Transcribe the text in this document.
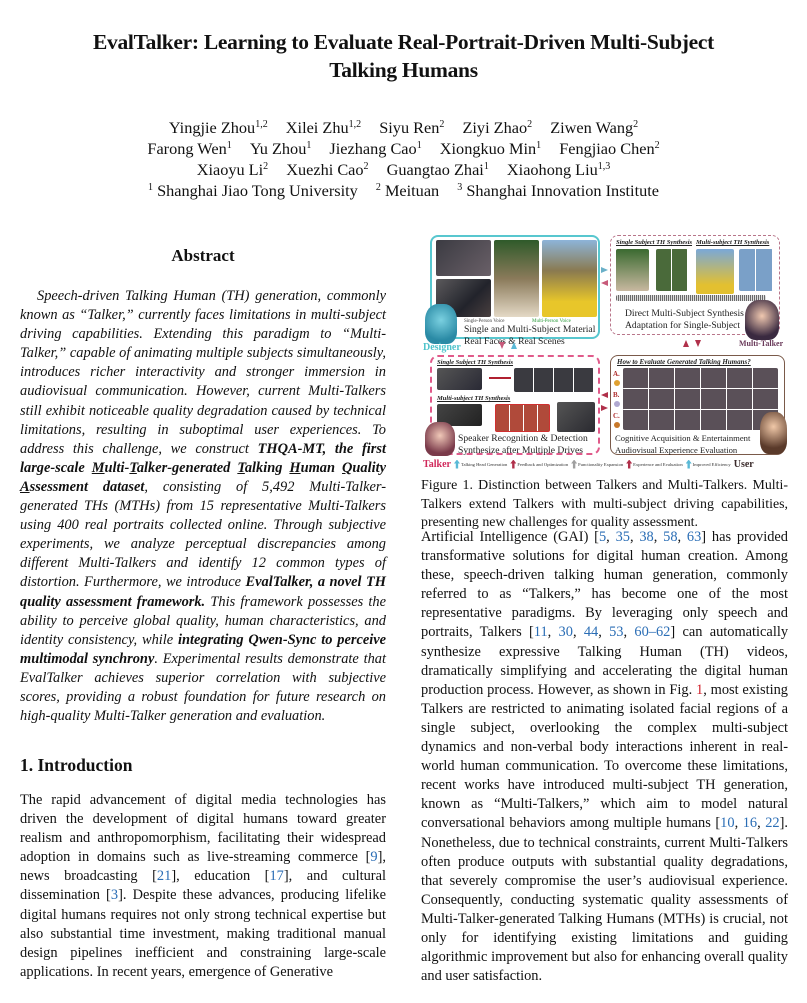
EvalTalker: Learning to Evaluate Real-Portrait-Driven Multi-Subject
Talking Humans
Yingjie Zhou$^{1,2}$ Xilei Zhu$^{1,2}$ Siyu Ren$^2$ Ziyi Zhao$^2$ Ziwen Wang$^2$
Farong Wen$^1$ Yu Zhou$^1$ Jiezhang Cao$^1$ Xiongkuo Min$^1$ Fengjiao Chen$^2$
Xiaoyu Li$^2$ Xuezhi Cao$^2$ Guangtao Zhai$^1$ Xiaohong Liu$^{1,3}$
$^1$ Shanghai Jiao Tong University $^2$ Meituan $^3$ Shanghai Innovation Institute
Abstract
Speech-driven Talking Human (TH) generation, commonly known as “Talker,” currently faces limitations in multi-subject driving capabilities. Extending this paradigm to “Multi-Talker,” capable of animating multiple subjects simultaneously, introduces richer interactivity and stronger immersion in audiovisual communication. However, current Multi-Talkers still exhibit noticeable quality degradation caused by technical limitations, resulting in suboptimal user experiences. To address this challenge, we construct THQA-MT, the first large-scale Multi-Talker-generated Talking Human Quality Assessment dataset, consisting of 5,492 Multi-Talker-generated THs (MTHs) from 15 representative Multi-Talkers using 400 real portraits collected online. Through subjective experiments, we analyze perceptual discrepancies among different Multi-Talkers and identify 12 common types of distortion. Furthermore, we introduce EvalTalker, a novel TH quality assessment framework. This framework possesses the ability to perceive global quality, human characteristics, and identity consistency, while integrating Qwen-Sync to perceive multimodal synchrony. Experimental results demonstrate that EvalTalker achieves superior correlation with subjective scores, providing a robust foundation for future research on high-quality Multi-Talker generation and evaluation.
1. Introduction
The rapid advancement of digital media technologies has driven the development of digital humans toward greater realism and anthropomorphism, facilitating their widespread adoption in domains such as live-streaming commerce [9], news broadcasting [21], education [17], and cultural dissemination [3]. Despite these advances, producing lifelike digital humans requires not only strong technical expertise but also substantial time investment, making traditional manual design pipelines inefficient and constraining large-scale applications. In recent years, emergence of Generative
Single-Person Voice	Multi-Person Voice
Single and Multi-Subject Material
Real Faces & Real Scenes
Designer
Single Subject TH Synthesis Multi-subject TH Synthesis
Direct Multi-Subject Synthesis
Adaptation for Single-Subject
Multi-Talker
Single Subject TH Synthesis
Multi-subject TH Synthesis
Speaker Recognition & Detection
Synthesize after Multiple Drives
How to Evaluate Generated Talking Humans?
A.
B.
C.
Cognitive Acquisition & Entertainment
Audiovisual Experience Evaluation
Talker Talking Head Generation Feedback and Optimization Functionality Expansion Experience and Evaluation Improved Efficiency User
Figure 1. Distinction between Talkers and Multi-Talkers. Multi-Talkers extend Talkers with multi-subject driving capabilities, presenting new challenges for quality assessment.
Artificial Intelligence (GAI) [5, 35, 38, 58, 63] has provided transformative solutions for digital human creation. Among these, speech-driven talking human generation, commonly referred to as “Talkers,” has become one of the most representative paradigms. By leveraging only speech and portraits, Talkers [11, 30, 44, 53, 60–62] can automatically synthesize expressive Talking Human (TH) videos, dramatically simplifying and accelerating the digital human production process. However, as shown in Fig. 1, most existing Talkers are restricted to animating isolated facial regions of a single subject, overlooking the complex multi-subject dynamics and non-verbal body interactions inherent in real-world human communication. To overcome these limitations, recent works have introduced multi-subject TH generation, known as “Multi-Talkers,” which aim to model natural conversational behaviors among multiple humans [10, 16, 22]. Nonetheless, due to technical constraints, current Multi-Talkers often produce outputs with substantial quality degradations, that severely compromise the user’s audiovisual experience. Consequently, conducting systematic quality assessments of Multi-Talker-generated Talking Humans (MTHs) is crucial, not only for identifying existing limitations and guiding algorithmic improvement but also for enhancing overall quality and user satisfaction.
